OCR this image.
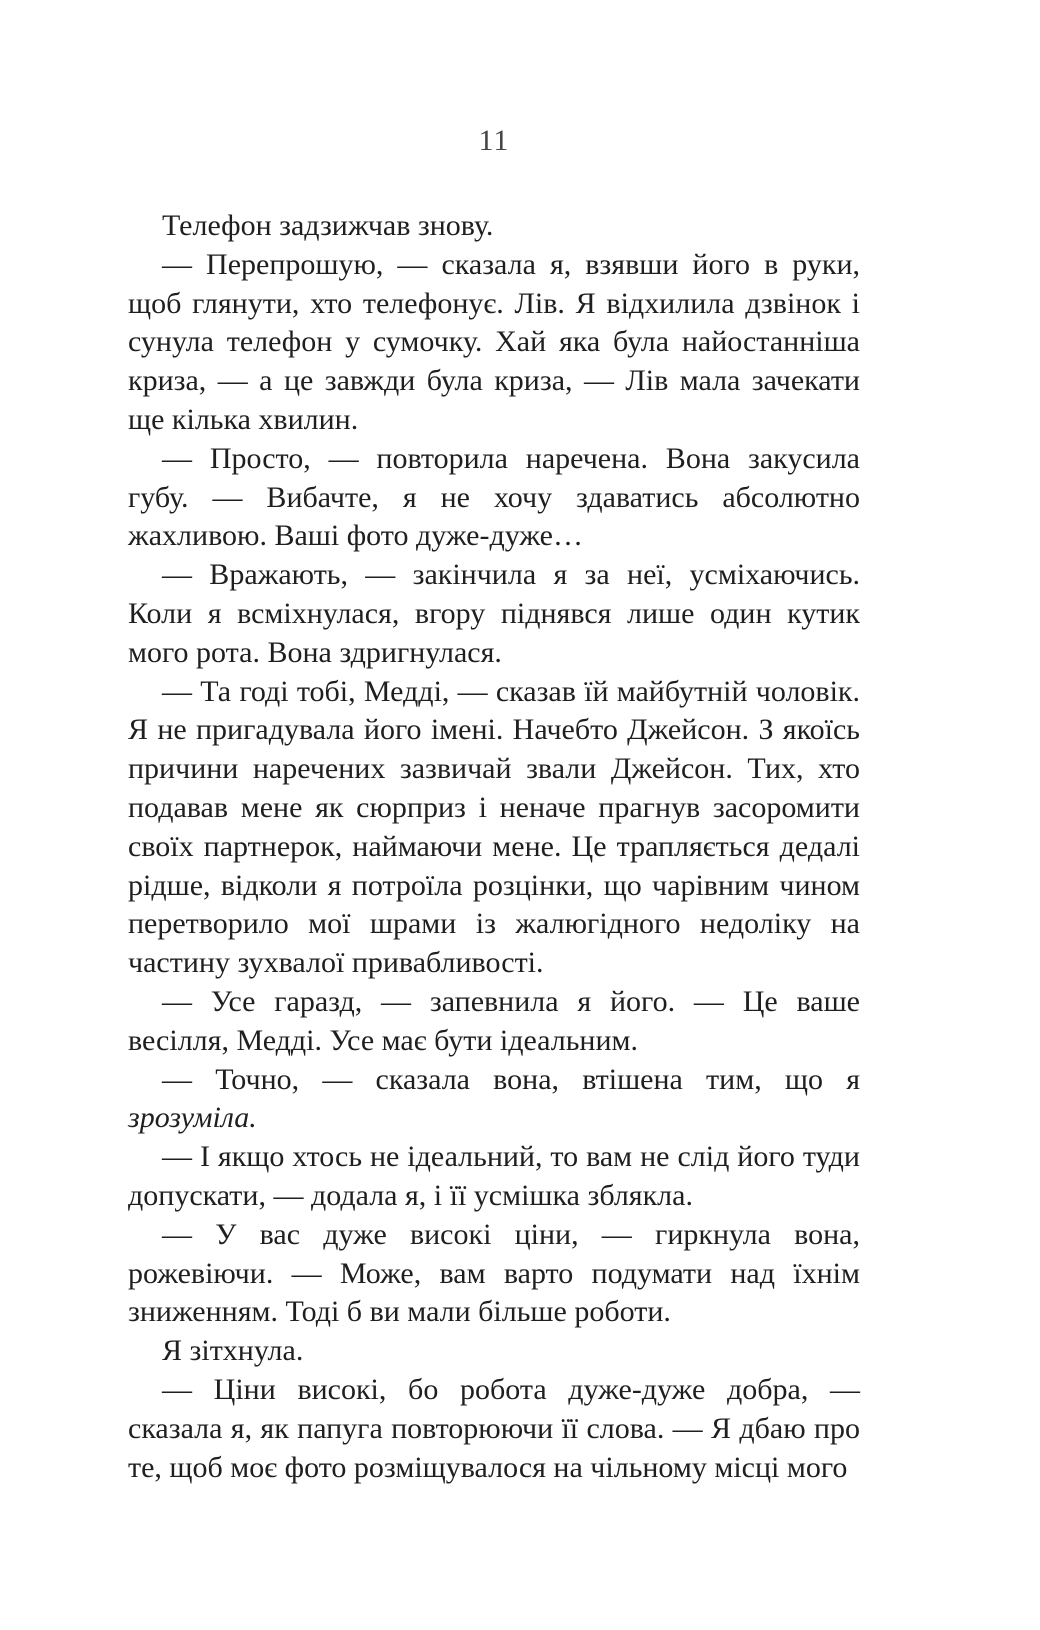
11

Телефон задзижчав знову.

— Перепрошую, — сказала я, взявши його в руки, щоб глянути, хто телефонує. Лів. Я відхилила дзвінок і сунула телефон у сумочку. Хай яка була найостанніша криза, — а це завжди була криза, — Лів мала зачекати ще кілька хвилин.

— Просто, — повторила наречена. Вона закусила губу. — Вибачте, я не хочу здаватись абсолютно жахливою. Ваші фото дуже-дуже…

— Вражають, — закінчила я за неї, усміхаючись. Коли я всміхнулася, вгору піднявся лише один кутик мого рота. Вона здригнулася.

— Та годі тобі, Медді, — сказав їй майбутній чоловік. Я не пригадувала його імені. Начебто Джейсон. З якоїсь причини наречених зазвичай звали Джейсон. Тих, хто подавав мене як сюрприз і неначе прагнув засоромити своїх партнерок, наймаючи мене. Це трапляється дедалі рідше, відколи я потроїла розцінки, що чарівним чином перетворило мої шрами із жалюгідного недоліку на частину зухвалої привабливості.

— Усе гаразд, — запевнила я його. — Це ваше весілля, Медді. Усе має бути ідеальним.

— Точно, — сказала вона, втішена тим, що я зрозуміла.

— І якщо хтось не ідеальний, то вам не слід його туди допускати, — додала я, і її усмішка зблякла.

— У вас дуже високі ціни, — гиркнула вона, рожевіючи. — Може, вам варто подумати над їхнім зниженням. Тоді б ви мали більше роботи.

Я зітхнула.

— Ціни високі, бо робота дуже-дуже добра, — сказала я, як папуга повторюючи її слова. — Я дбаю про те, щоб моє фото розміщувалося на чільному місці мого
